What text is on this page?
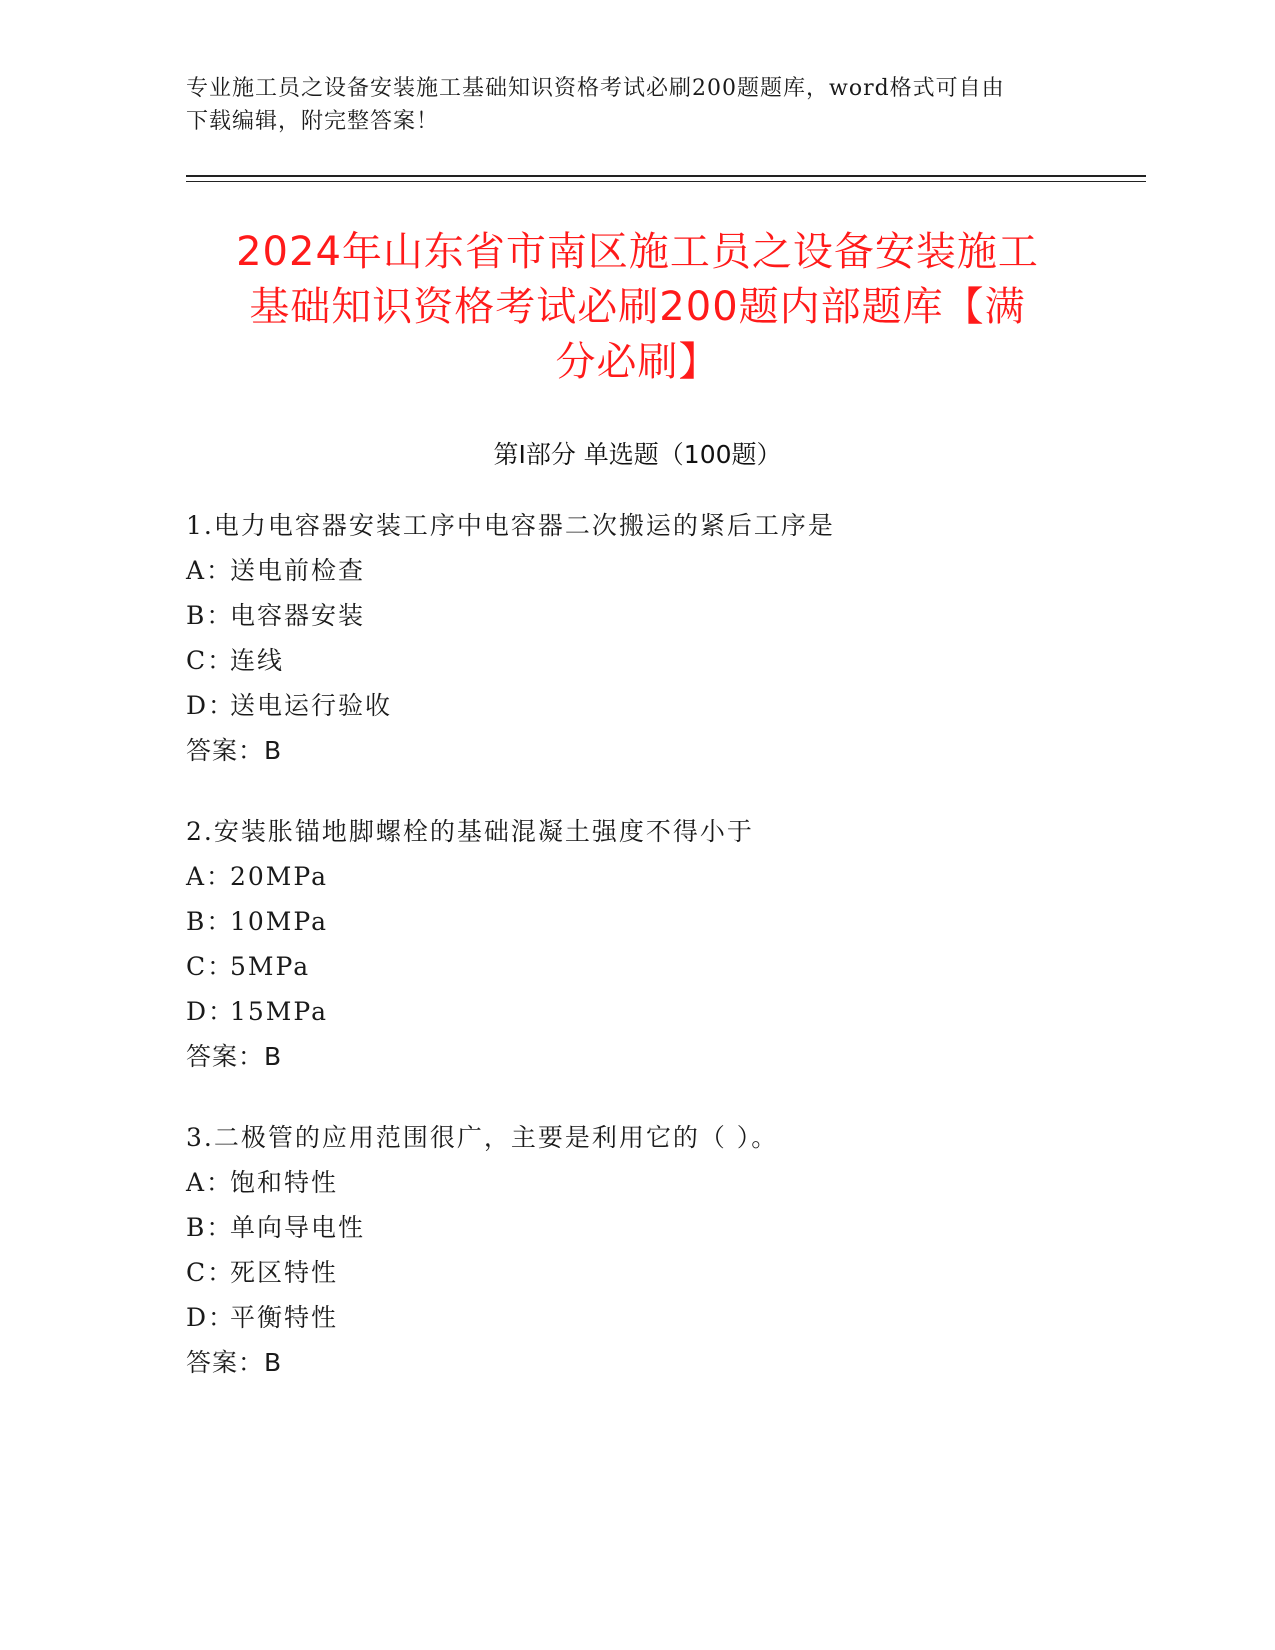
专业施工员之设备安装施工基础知识资格考试必刷200题题库，word格式可自由
下载编辑，附完整答案！
2024年山东省市南区施工员之设备安装施工
基础知识资格考试必刷200题内部题库【满
分必刷】
第Ⅰ部分 单选题（100题）
1.电力电容器安装工序中电容器二次搬运的紧后工序是
A：送电前检查
B：电容器安装
C：连线
D：送电运行验收
答案：B
2.安装胀锚地脚螺栓的基础混凝土强度不得小于
A：20MPa
B：10MPa
C：5MPa
D：15MPa
答案：B
3.二极管的应用范围很广，主要是利用它的（ ）。
A：饱和特性
B：单向导电性
C：死区特性
D：平衡特性
答案：B
